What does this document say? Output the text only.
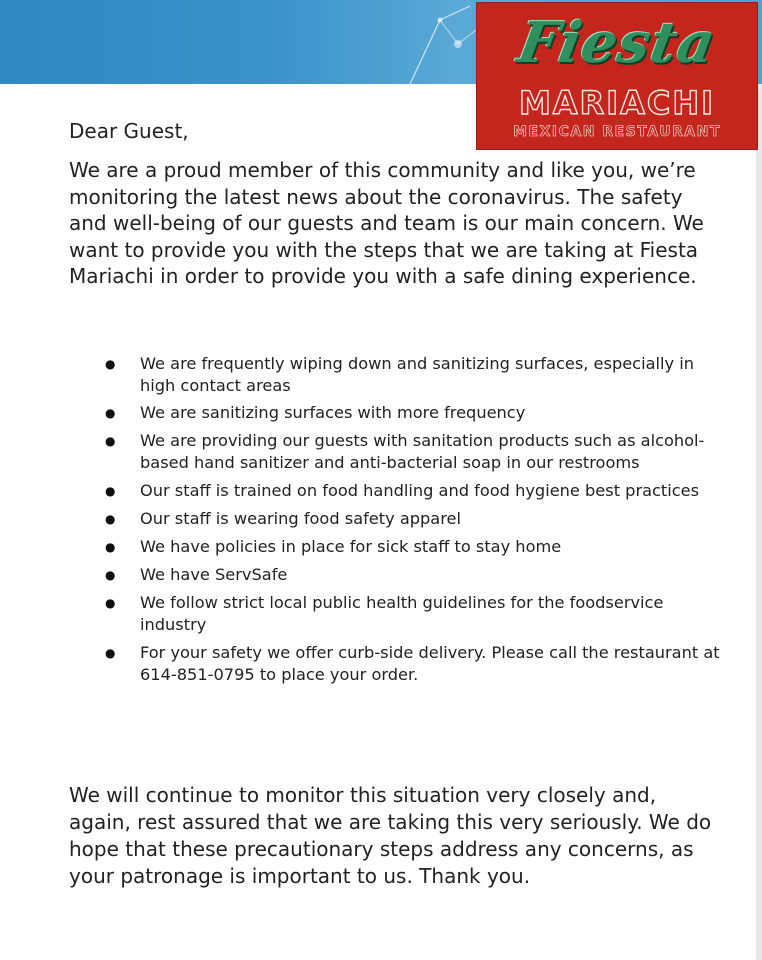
Fiesta
MARIACHI
MEXICAN RESTAURANT
Dear Guest,
We are a proud member of this community and like you, we’re monitoring the latest news about the coronavirus. The safety and well-being of our guests and team is our main concern. We want to provide you with the steps that we are taking at Fiesta Mariachi in order to provide you with a safe dining experience.
● We are frequently wiping down and sanitizing surfaces, especially in high contact areas
● We are sanitizing surfaces with more frequency
● We are providing our guests with sanitation products such as alcohol-based hand sanitizer and anti-bacterial soap in our restrooms
● Our staff is trained on food handling and food hygiene best practices
● Our staff is wearing food safety apparel
● We have policies in place for sick staff to stay home
● We have ServSafe
● We follow strict local public health guidelines for the foodservice industry
● For your safety we offer curb-side delivery. Please call the restaurant at 614-851-0795 to place your order.
We will continue to monitor this situation very closely and, again, rest assured that we are taking this very seriously. We do hope that these precautionary steps address any concerns, as your patronage is important to us. Thank you.
